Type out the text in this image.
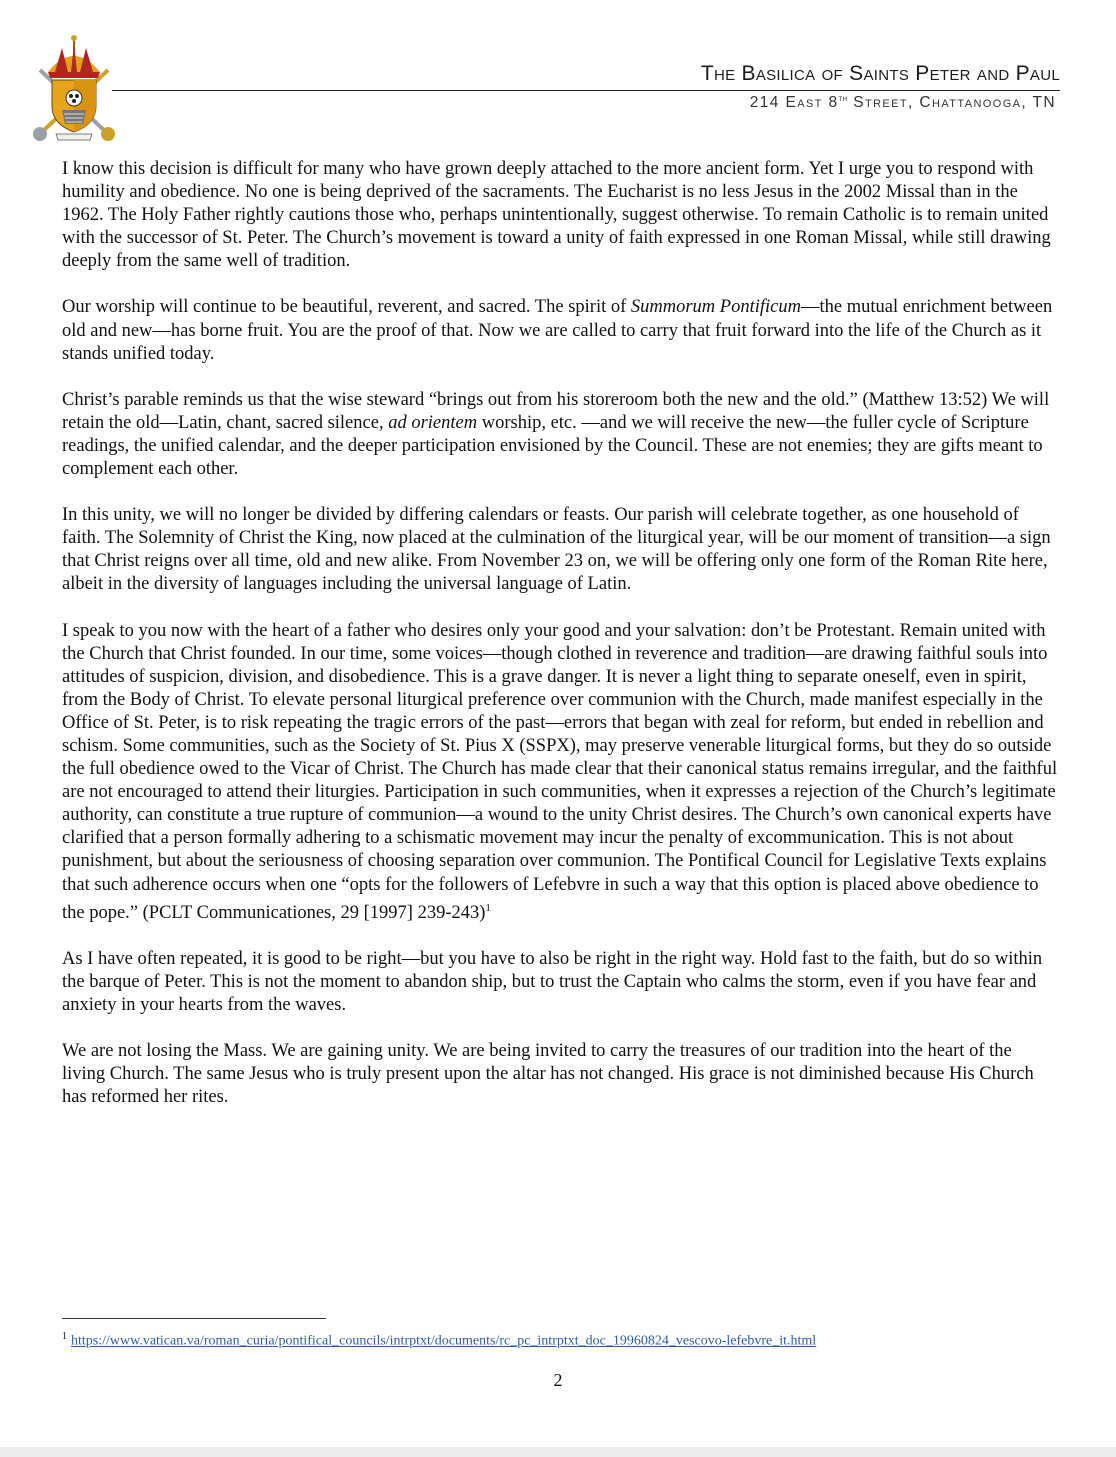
The Basilica of Saints Peter and Paul
214 East 8th Street, Chattanooga, TN

I know this decision is difficult for many who have grown deeply attached to the more ancient form. Yet I urge you to respond with humility and obedience. No one is being deprived of the sacraments. The Eucharist is no less Jesus in the 2002 Missal than in the 1962. The Holy Father rightly cautions those who, perhaps unintentionally, suggest otherwise. To remain Catholic is to remain united with the successor of St. Peter. The Church’s movement is toward a unity of faith expressed in one Roman Missal, while still drawing deeply from the same well of tradition.

Our worship will continue to be beautiful, reverent, and sacred. The spirit of Summorum Pontificum—the mutual enrichment between old and new—has borne fruit. You are the proof of that. Now we are called to carry that fruit forward into the life of the Church as it stands unified today.

Christ’s parable reminds us that the wise steward “brings out from his storeroom both the new and the old.” (Matthew 13:52) We will retain the old—Latin, chant, sacred silence, ad orientem worship, etc. —and we will receive the new—the fuller cycle of Scripture readings, the unified calendar, and the deeper participation envisioned by the Council. These are not enemies; they are gifts meant to complement each other.

In this unity, we will no longer be divided by differing calendars or feasts. Our parish will celebrate together, as one household of faith. The Solemnity of Christ the King, now placed at the culmination of the liturgical year, will be our moment of transition—a sign that Christ reigns over all time, old and new alike. From November 23 on, we will be offering only one form of the Roman Rite here, albeit in the diversity of languages including the universal language of Latin.

I speak to you now with the heart of a father who desires only your good and your salvation: don’t be Protestant. Remain united with the Church that Christ founded. In our time, some voices—though clothed in reverence and tradition—are drawing faithful souls into attitudes of suspicion, division, and disobedience. This is a grave danger. It is never a light thing to separate oneself, even in spirit, from the Body of Christ. To elevate personal liturgical preference over communion with the Church, made manifest especially in the Office of St. Peter, is to risk repeating the tragic errors of the past—errors that began with zeal for reform, but ended in rebellion and schism. Some communities, such as the Society of St. Pius X (SSPX), may preserve venerable liturgical forms, but they do so outside the full obedience owed to the Vicar of Christ. The Church has made clear that their canonical status remains irregular, and the faithful are not encouraged to attend their liturgies. Participation in such communities, when it expresses a rejection of the Church’s legitimate authority, can constitute a true rupture of communion—a wound to the unity Christ desires. The Church’s own canonical experts have clarified that a person formally adhering to a schismatic movement may incur the penalty of excommunication. This is not about punishment, but about the seriousness of choosing separation over communion. The Pontifical Council for Legislative Texts explains that such adherence occurs when one “opts for the followers of Lefebvre in such a way that this option is placed above obedience to the pope.” (PCLT Communicationes, 29 [1997] 239-243)$^1$

As I have often repeated, it is good to be right—but you have to also be right in the right way. Hold fast to the faith, but do so within the barque of Peter. This is not the moment to abandon ship, but to trust the Captain who calms the storm, even if you have fear and anxiety in your hearts from the waves.

We are not losing the Mass. We are gaining unity. We are being invited to carry the treasures of our tradition into the heart of the living Church. The same Jesus who is truly present upon the altar has not changed. His grace is not diminished because His Church has reformed her rites.

$^1$ https://www.vatican.va/roman_curia/pontifical_councils/intrptxt/documents/rc_pc_intrptxt_doc_19960824_vescovo-lefebvre_it.html
2
